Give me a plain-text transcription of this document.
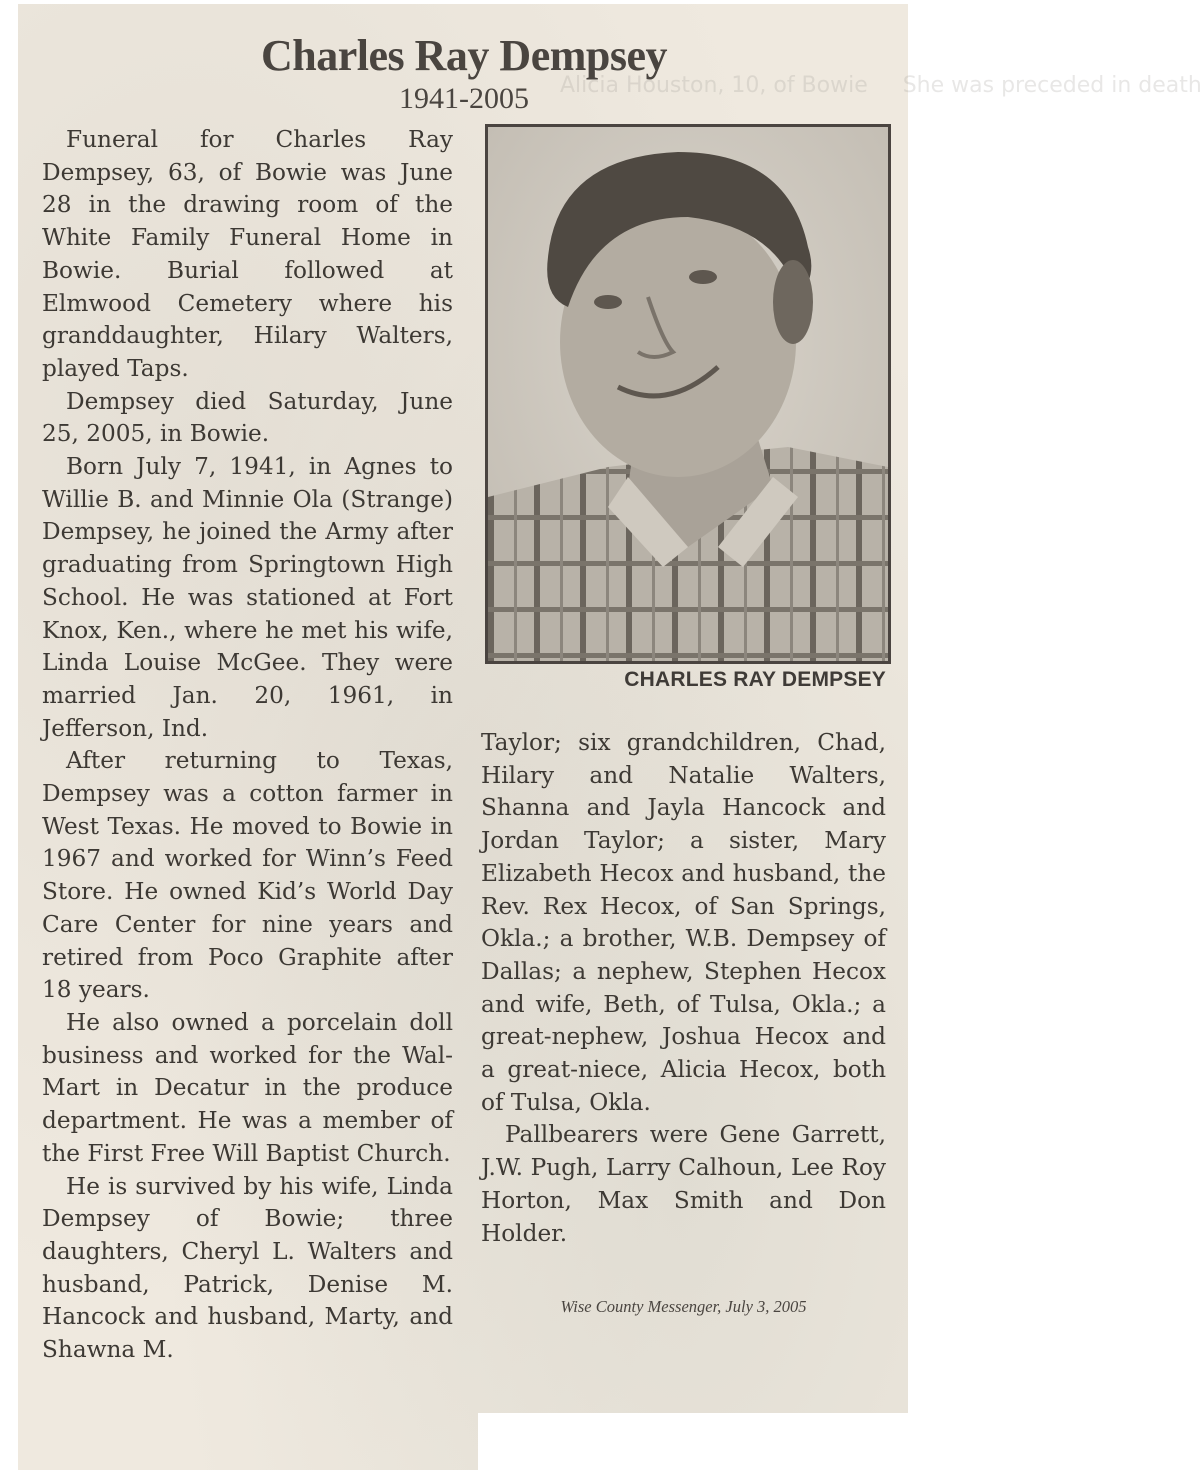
Alicia Houston, 10, of Bowie     She was preceded in death

Charles Ray Dempsey
1941-2005

Funeral for Charles Ray Dempsey, 63, of Bowie was June 28 in the drawing room of the White Family Funeral Home in Bowie. Burial followed at Elmwood Cemetery where his granddaughter, Hilary Walters, played Taps.

Dempsey died Saturday, June 25, 2005, in Bowie.

Born July 7, 1941, in Agnes to Willie B. and Minnie Ola (Strange) Dempsey, he joined the Army after graduating from Springtown High School. He was stationed at Fort Knox, Ken., where he met his wife, Linda Louise McGee. They were married Jan. 20, 1961, in Jefferson, Ind.

After returning to Texas, Dempsey was a cotton farmer in West Texas. He moved to Bowie in 1967 and worked for Winn’s Feed Store. He owned Kid’s World Day Care Center for nine years and retired from Poco Graphite after 18 years.

He also owned a porcelain doll business and worked for the Wal-Mart in Decatur in the produce department. He was a member of the First Free Will Baptist Church.

He is survived by his wife, Linda Dempsey of Bowie; three daughters, Cheryl L. Walters and husband, Patrick, Denise M. Hancock and husband, Marty, and Shawna M.

CHARLES RAY DEMPSEY

Taylor; six grandchildren, Chad, Hilary and Natalie Walters, Shanna and Jayla Hancock and Jordan Taylor; a sister, Mary Elizabeth Hecox and husband, the Rev. Rex Hecox, of San Springs, Okla.; a brother, W.B. Dempsey of Dallas; a nephew, Stephen Hecox and wife, Beth, of Tulsa, Okla.; a great-nephew, Joshua Hecox and a great-niece, Alicia Hecox, both of Tulsa, Okla.

Pallbearers were Gene Garrett, J.W. Pugh, Larry Calhoun, Lee Roy Horton, Max Smith and Don Holder.

Wise County Messenger, July 3, 2005
